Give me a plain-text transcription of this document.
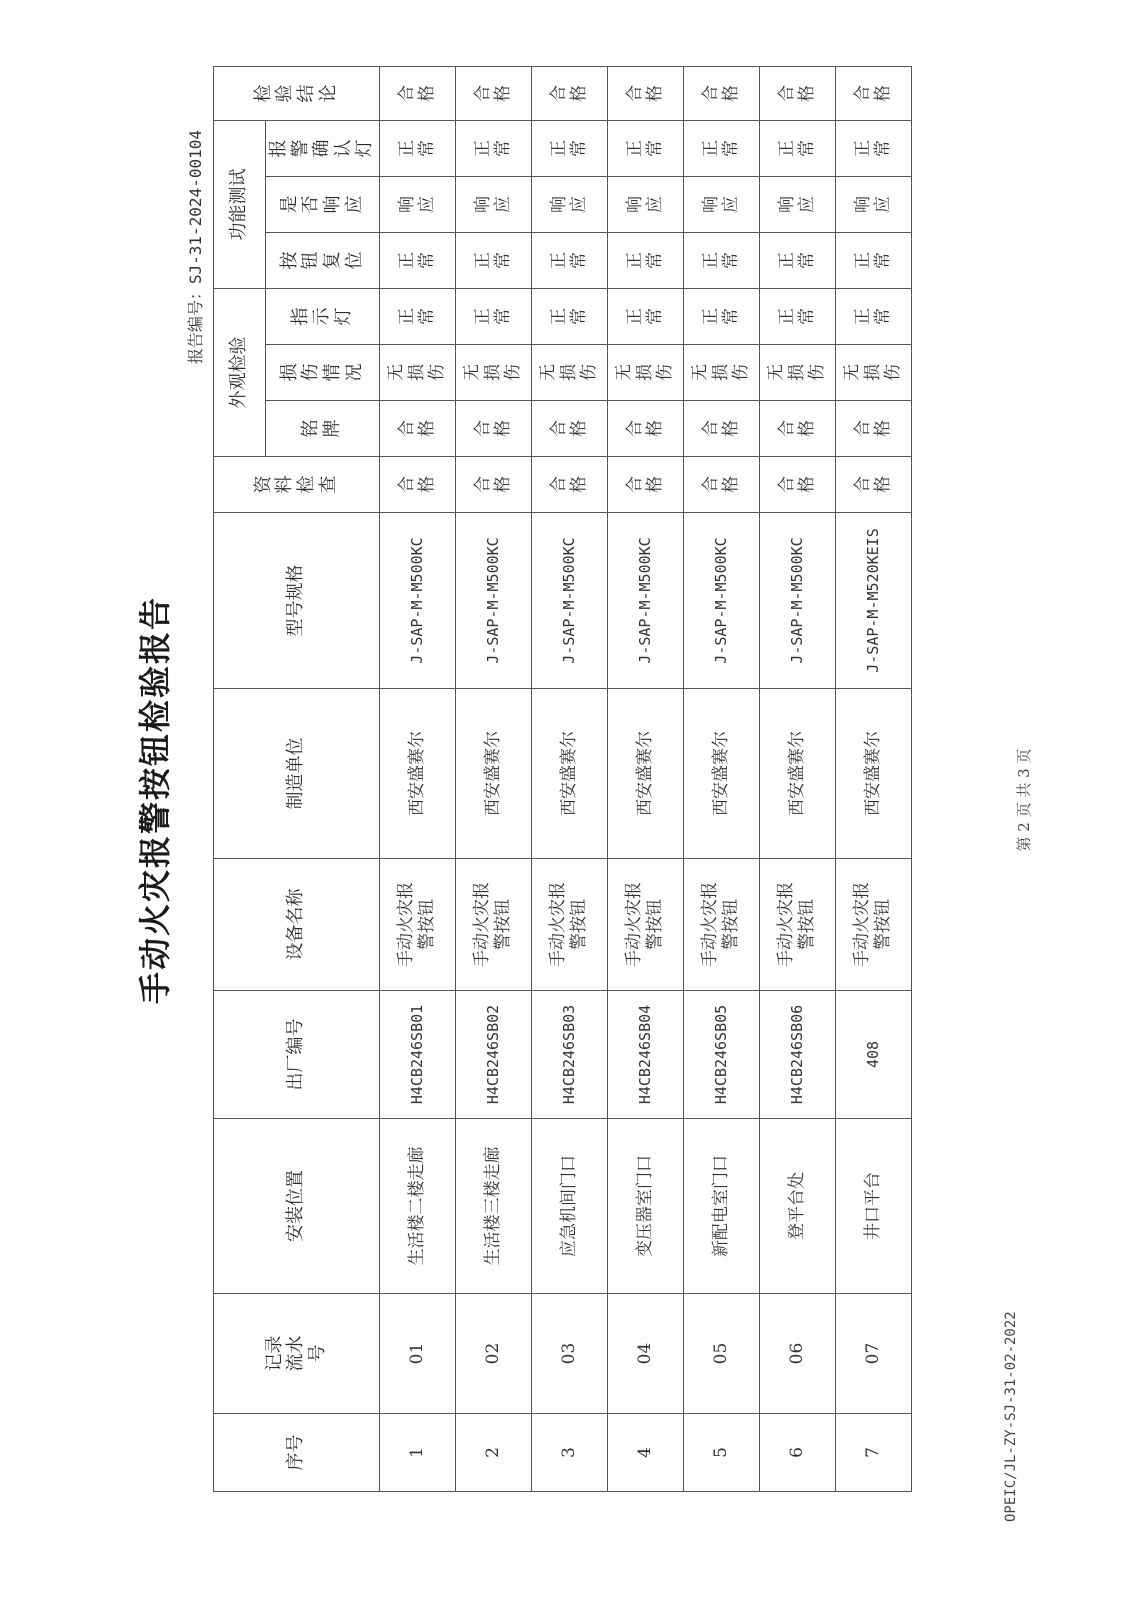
手动火灾报警按钮检验报告
报告编号：SJ-31-2024-00104
序号	记录流水号	安装位置	出厂编号	设备名称	制造单位	型号规格	资料检查	外观检验			功能测试			检验结论
								铭牌	损伤情况	指示灯	按钮复位	是否响应	报警确认灯	
1	01	生活楼二楼走廊	H4CB246SB01	手动火灾报警按钮	西安盛赛尔	J-SAP-M-M500KC	合格	合格	无损伤	正常	正常	响应	正常	合格
2	02	生活楼三楼走廊	H4CB246SB02	手动火灾报警按钮	西安盛赛尔	J-SAP-M-M500KC	合格	合格	无损伤	正常	正常	响应	正常	合格
3	03	应急机间门口	H4CB246SB03	手动火灾报警按钮	西安盛赛尔	J-SAP-M-M500KC	合格	合格	无损伤	正常	正常	响应	正常	合格
4	04	变压器室门口	H4CB246SB04	手动火灾报警按钮	西安盛赛尔	J-SAP-M-M500KC	合格	合格	无损伤	正常	正常	响应	正常	合格
5	05	新配电室门口	H4CB246SB05	手动火灾报警按钮	西安盛赛尔	J-SAP-M-M500KC	合格	合格	无损伤	正常	正常	响应	正常	合格
6	06	登平台处	H4CB246SB06	手动火灾报警按钮	西安盛赛尔	J-SAP-M-M500KC	合格	合格	无损伤	正常	正常	响应	正常	合格
7	07	井口平台	408	手动火灾报警按钮	西安盛赛尔	J-SAP-M-M520KEIS	合格	合格	无损伤	正常	正常	响应	正常	合格
OPEIC/JL-ZY-SJ-31-02-2022
第 2 页 共 3 页
